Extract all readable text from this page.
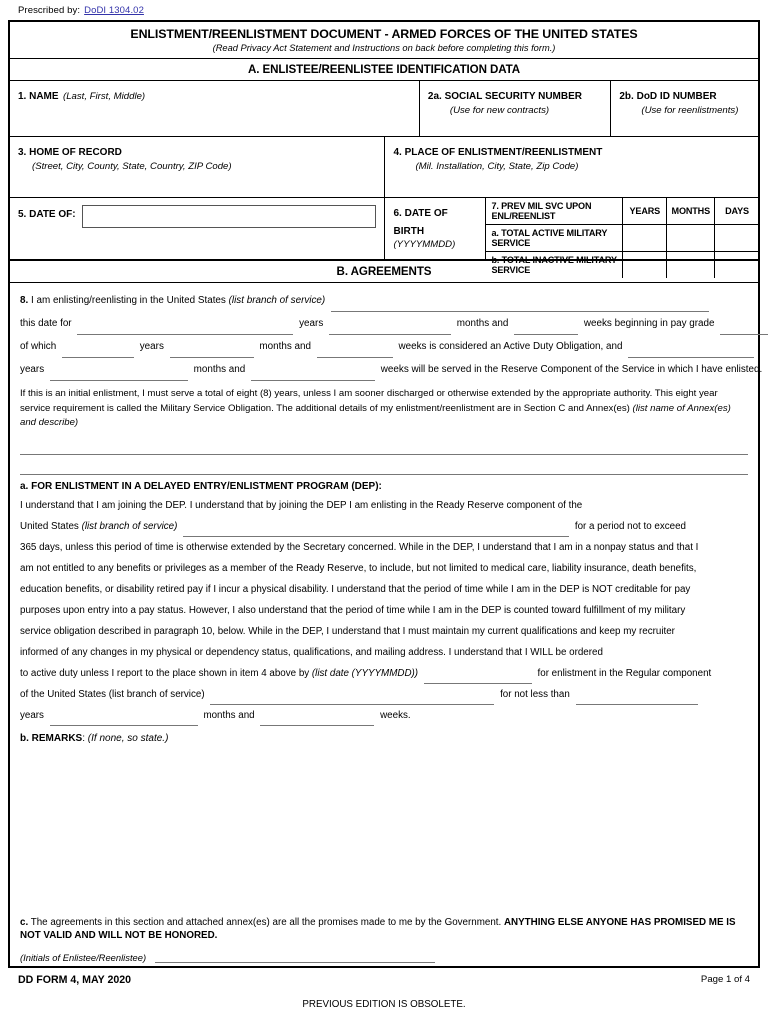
Prescribed by: DoDI 1304.02
ENLISTMENT/REENLISTMENT DOCUMENT - ARMED FORCES OF THE UNITED STATES
(Read Privacy Act Statement and Instructions on back before completing this form.)
A. ENLISTEE/REENLISTEE IDENTIFICATION DATA
1. NAME (Last, First, Middle)	2a. SOCIAL SECURITY NUMBER
(Use for new contracts)
2b. DoD ID NUMBER
(Use for reenlistments)
3. HOME OF RECORD
(Street, City, County, State, Country, ZIP Code)
4. PLACE OF ENLISTMENT/REENLISTMENT
(Mil. Installation, City, State, Zip Code)
5. DATE OF:	6. DATE OF BIRTH
(YYYYMMDD)
7. PREV MIL SVC UPON ENL/REENLIST	YEARS	MONTHS	DAYS
a. TOTAL ACTIVE MILITARY SERVICE			
b. TOTAL INACTIVE MILITARY SERVICE			
B. AGREEMENTS
8. I am enlisting/reenlisting in the United States (list branch of service)
this date for	years	months and	weeks beginning in pay grade
of which	years	months and	weeks is considered an Active Duty Obligation, and
years	months and	weeks will be served in the Reserve Component of the Service in which I have enlisted.
If this is an initial enlistment, I must serve a total of eight (8) years, unless I am sooner discharged or otherwise extended by the appropriate authority. This eight year service requirement is called the Military Service Obligation. The additional details of my enlistment/reenlistment are in Section C and Annex(es) (list name of Annex(es) and describe)
a. FOR ENLISTMENT IN A DELAYED ENTRY/ENLISTMENT PROGRAM (DEP):
I understand that I am joining the DEP. I understand that by joining the DEP I am enlisting in the Ready Reserve component of the
United States (list branch of service)	for a period not to exceed
365 days, unless this period of time is otherwise extended by the Secretary concerned. While in the DEP, I understand that I am in a nonpay status and that I
am not entitled to any benefits or privileges as a member of the Ready Reserve, to include, but not limited to medical care, liability insurance, death benefits,
education benefits, or disability retired pay if I incur a physical disability. I understand that the period of time while I am in the DEP is NOT creditable for pay
purposes upon entry into a pay status. However, I also understand that the period of time while I am in the DEP is counted toward fulfillment of my military
service obligation described in paragraph 10, below. While in the DEP, I understand that I must maintain my current qualifications and keep my recruiter
informed of any changes in my physical or dependency status, qualifications, and mailing address. I understand that I WILL be ordered
to active duty unless I report to the place shown in item 4 above by (list date (YYYYMMDD))	for enlistment in the Regular component
of the United States (list branch of service)	for not less than
years	months and	weeks.
b. REMARKS: (If none, so state.)
c. The agreements in this section and attached annex(es) are all the promises made to me by the Government. ANYTHING ELSE ANYONE HAS PROMISED ME IS NOT VALID AND WILL NOT BE HONORED.
(Initials of Enlistee/Reenlistee)
DD FORM 4, MAY 2020	Page 1 of 4
PREVIOUS EDITION IS OBSOLETE.
